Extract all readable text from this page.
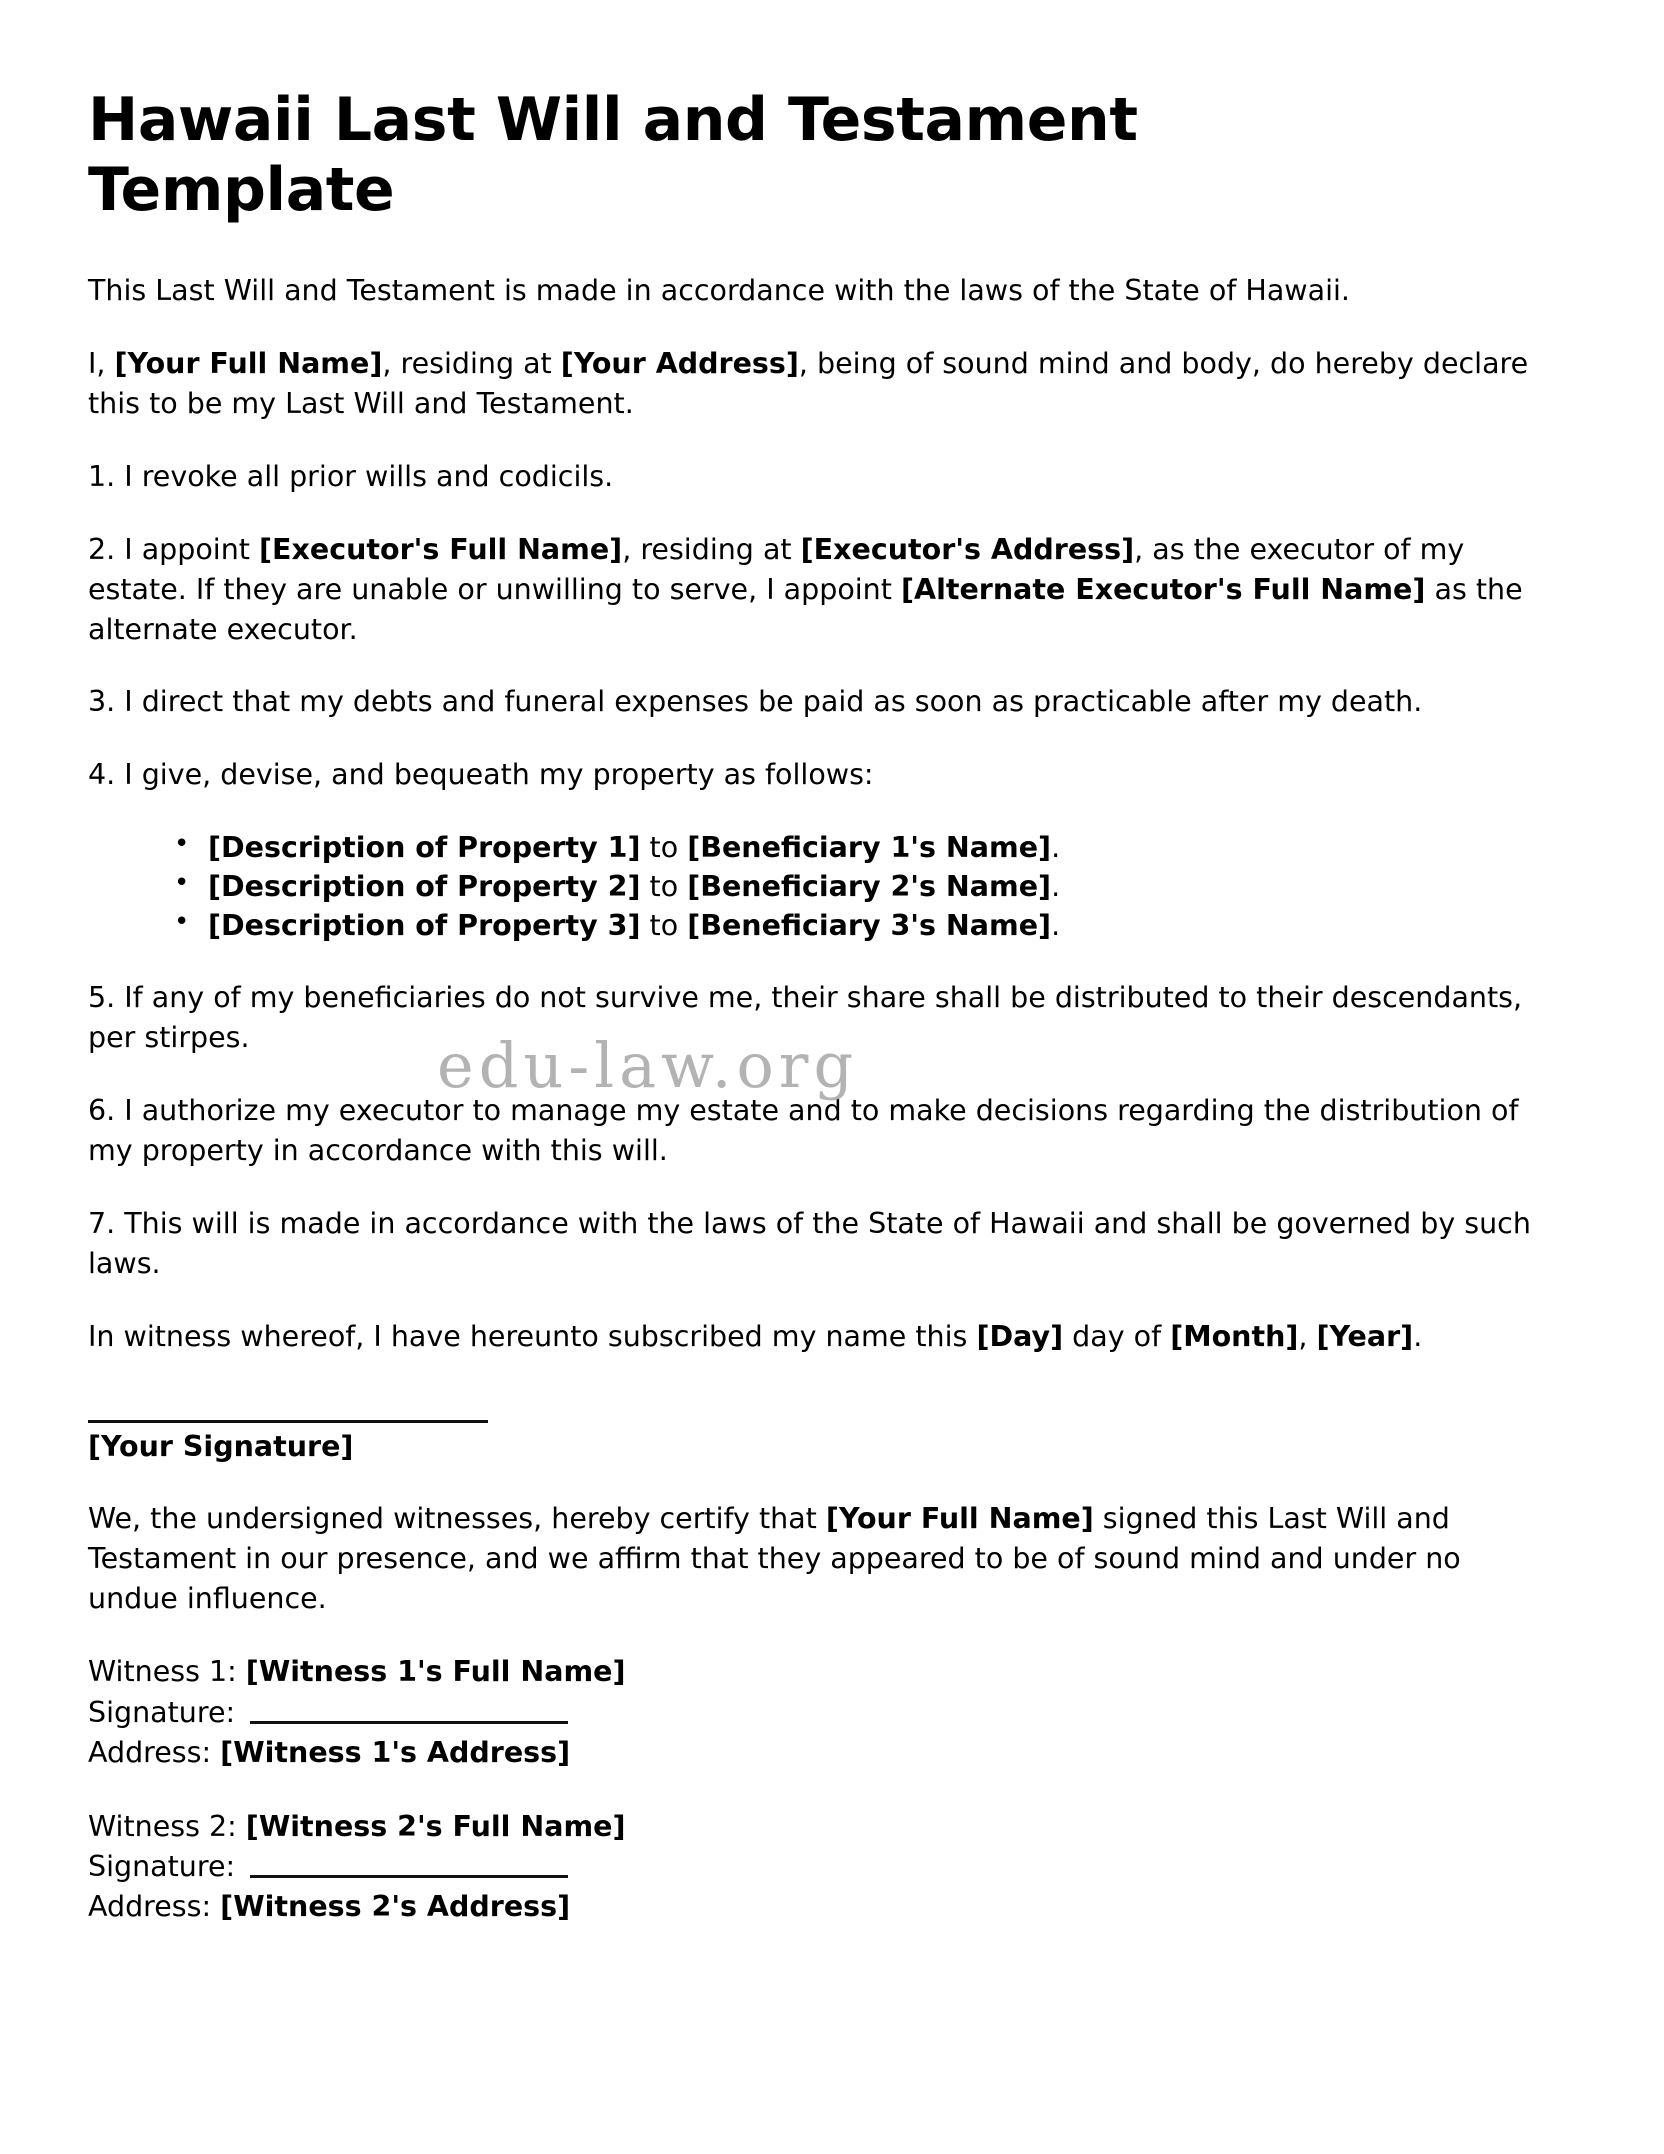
Hawaii Last Will and Testament Template

This Last Will and Testament is made in accordance with the laws of the State of Hawaii.

I, [Your Full Name], residing at [Your Address], being of sound mind and body, do hereby declare this to be my Last Will and Testament.

1. I revoke all prior wills and codicils.

2. I appoint [Executor's Full Name], residing at [Executor's Address], as the executor of my estate. If they are unable or unwilling to serve, I appoint [Alternate Executor's Full Name] as the alternate executor.

3. I direct that my debts and funeral expenses be paid as soon as practicable after my death.

4. I give, devise, and bequeath my property as follows:

• [Description of Property 1] to [Beneficiary 1's Name].
• [Description of Property 2] to [Beneficiary 2's Name].
• [Description of Property 3] to [Beneficiary 3's Name].

5. If any of my beneficiaries do not survive me, their share shall be distributed to their descendants, per stirpes.

6. I authorize my executor to manage my estate and to make decisions regarding the distribution of my property in accordance with this will.

7. This will is made in accordance with the laws of the State of Hawaii and shall be governed by such laws.

In witness whereof, I have hereunto subscribed my name this [Day] day of [Month], [Year].

[Your Signature]

We, the undersigned witnesses, hereby certify that [Your Full Name] signed this Last Will and Testament in our presence, and we affirm that they appeared to be of sound mind and under no undue influence.

Witness 1: [Witness 1's Full Name]
Signature:
Address: [Witness 1's Address]
Witness 2: [Witness 2's Full Name]
Signature:
Address: [Witness 2's Address]
edu-law.org
